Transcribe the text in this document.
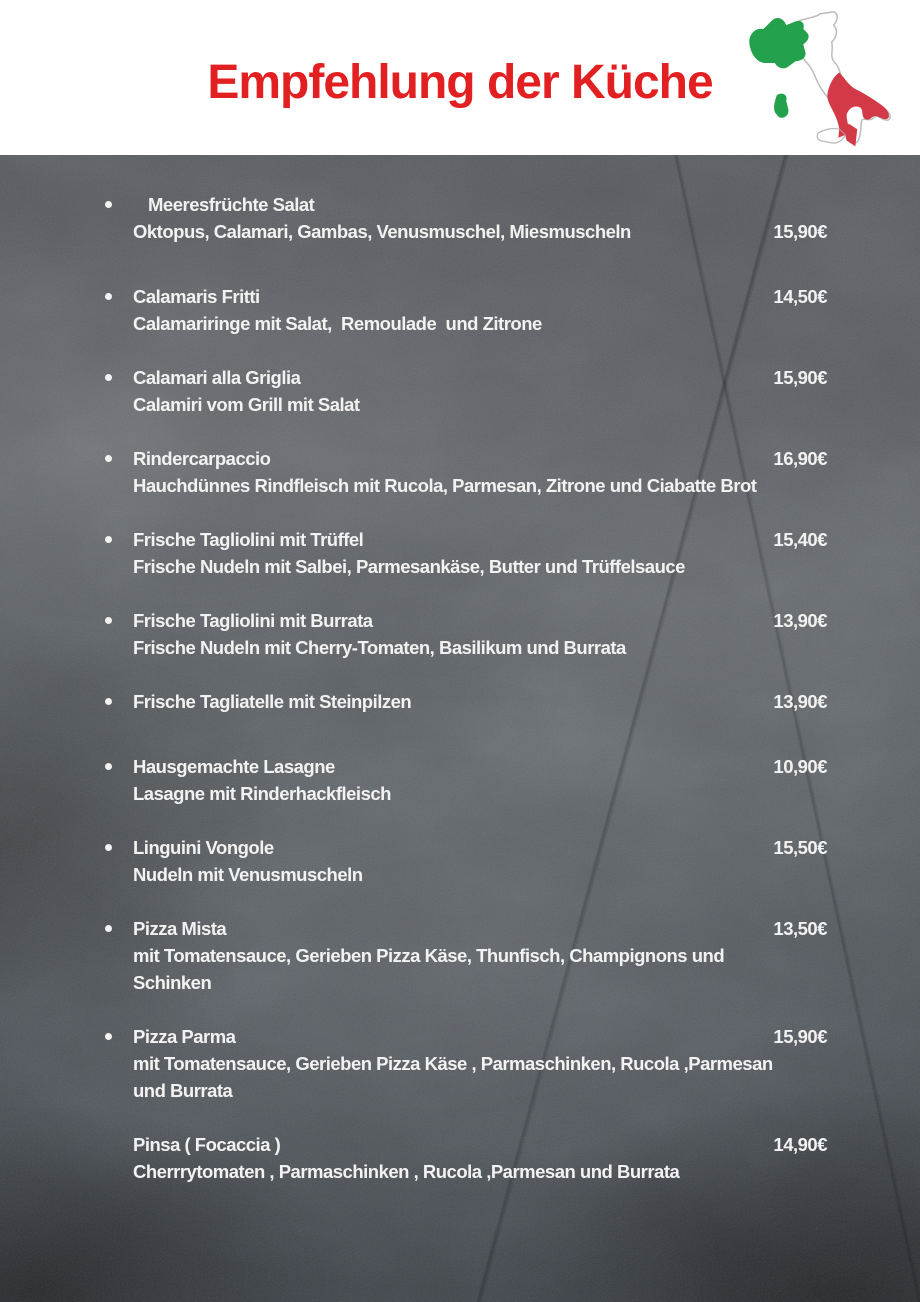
Empfehlung der Küche
Meeresfrüchte Salat
Oktopus, Calamari, Gambas, Venusmuschel, Miesmuscheln	15,90€
Calamaris Fritti	14,50€
Calamariringe mit Salat,  Remoulade  und Zitrone
Calamari alla Griglia	15,90€
Calamiri vom Grill mit Salat
Rindercarpaccio	16,90€
Hauchdünnes Rindfleisch mit Rucola, Parmesan, Zitrone und Ciabatte Brot
Frische Tagliolini mit Trüffel	15,40€
Frische Nudeln mit Salbei, Parmesankäse, Butter und Trüffelsauce
Frische Tagliolini mit Burrata	13,90€
Frische Nudeln mit Cherry-Tomaten, Basilikum und Burrata
Frische Tagliatelle mit Steinpilzen	13,90€
Hausgemachte Lasagne	10,90€
Lasagne mit Rinderhackfleisch
Linguini Vongole	15,50€
Nudeln mit Venusmuscheln
Pizza Mista	13,50€
mit Tomatensauce, Gerieben Pizza Käse, Thunfisch, Champignons und
Schinken
Pizza Parma	15,90€
mit Tomatensauce, Gerieben Pizza Käse , Parmaschinken, Rucola ,Parmesan
und Burrata
Pinsa ( Focaccia )	14,90€
Cherrrytomaten , Parmaschinken , Rucola ,Parmesan und Burrata
